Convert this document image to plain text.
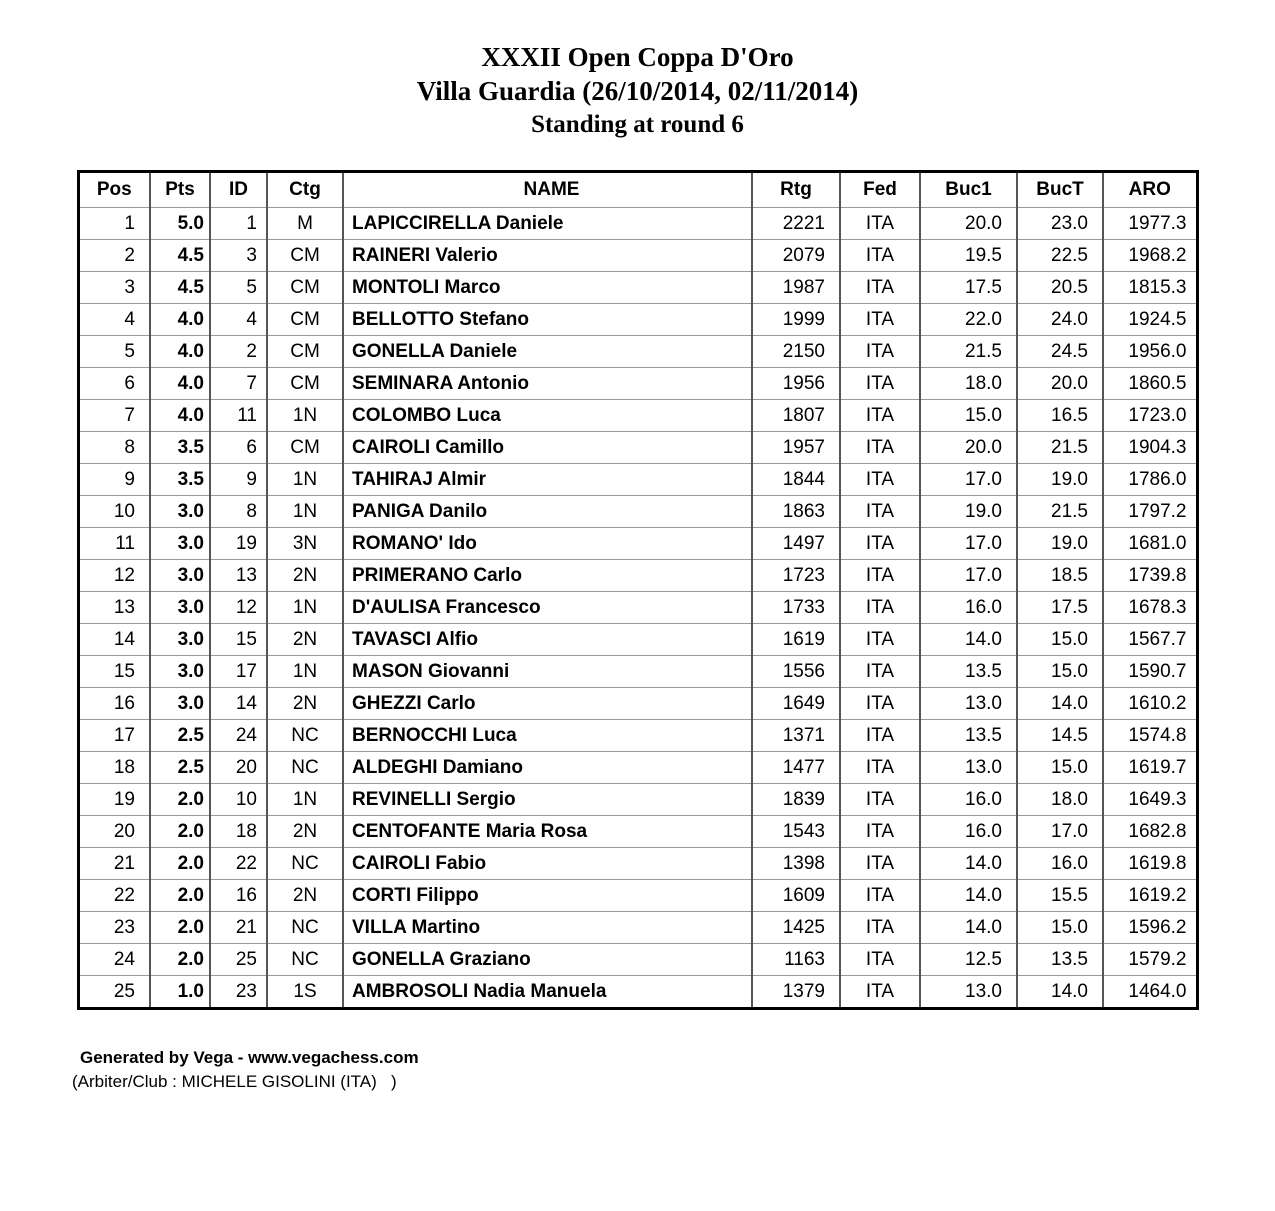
XXXII Open Coppa D'Oro
Villa Guardia (26/10/2014, 02/11/2014)
Standing at round 6
Pos	Pts	ID	Ctg	NAME	Rtg	Fed	Buc1	BucT	ARO
1	5.0	1	M	LAPICCIRELLA Daniele	2221	ITA	20.0	23.0	1977.3
2	4.5	3	CM	RAINERI Valerio	2079	ITA	19.5	22.5	1968.2
3	4.5	5	CM	MONTOLI Marco	1987	ITA	17.5	20.5	1815.3
4	4.0	4	CM	BELLOTTO Stefano	1999	ITA	22.0	24.0	1924.5
5	4.0	2	CM	GONELLA Daniele	2150	ITA	21.5	24.5	1956.0
6	4.0	7	CM	SEMINARA Antonio	1956	ITA	18.0	20.0	1860.5
7	4.0	11	1N	COLOMBO Luca	1807	ITA	15.0	16.5	1723.0
8	3.5	6	CM	CAIROLI Camillo	1957	ITA	20.0	21.5	1904.3
9	3.5	9	1N	TAHIRAJ Almir	1844	ITA	17.0	19.0	1786.0
10	3.0	8	1N	PANIGA Danilo	1863	ITA	19.0	21.5	1797.2
11	3.0	19	3N	ROMANO' Ido	1497	ITA	17.0	19.0	1681.0
12	3.0	13	2N	PRIMERANO Carlo	1723	ITA	17.0	18.5	1739.8
13	3.0	12	1N	D'AULISA Francesco	1733	ITA	16.0	17.5	1678.3
14	3.0	15	2N	TAVASCI Alfio	1619	ITA	14.0	15.0	1567.7
15	3.0	17	1N	MASON Giovanni	1556	ITA	13.5	15.0	1590.7
16	3.0	14	2N	GHEZZI Carlo	1649	ITA	13.0	14.0	1610.2
17	2.5	24	NC	BERNOCCHI Luca	1371	ITA	13.5	14.5	1574.8
18	2.5	20	NC	ALDEGHI Damiano	1477	ITA	13.0	15.0	1619.7
19	2.0	10	1N	REVINELLI Sergio	1839	ITA	16.0	18.0	1649.3
20	2.0	18	2N	CENTOFANTE Maria Rosa	1543	ITA	16.0	17.0	1682.8
21	2.0	22	NC	CAIROLI Fabio	1398	ITA	14.0	16.0	1619.8
22	2.0	16	2N	CORTI Filippo	1609	ITA	14.0	15.5	1619.2
23	2.0	21	NC	VILLA Martino	1425	ITA	14.0	15.0	1596.2
24	2.0	25	NC	GONELLA Graziano	1163	ITA	12.5	13.5	1579.2
25	1.0	23	1S	AMBROSOLI Nadia Manuela	1379	ITA	13.0	14.0	1464.0
Generated by Vega - www.vegachess.com
(Arbiter/Club : MICHELE GISOLINI (ITA)   )
